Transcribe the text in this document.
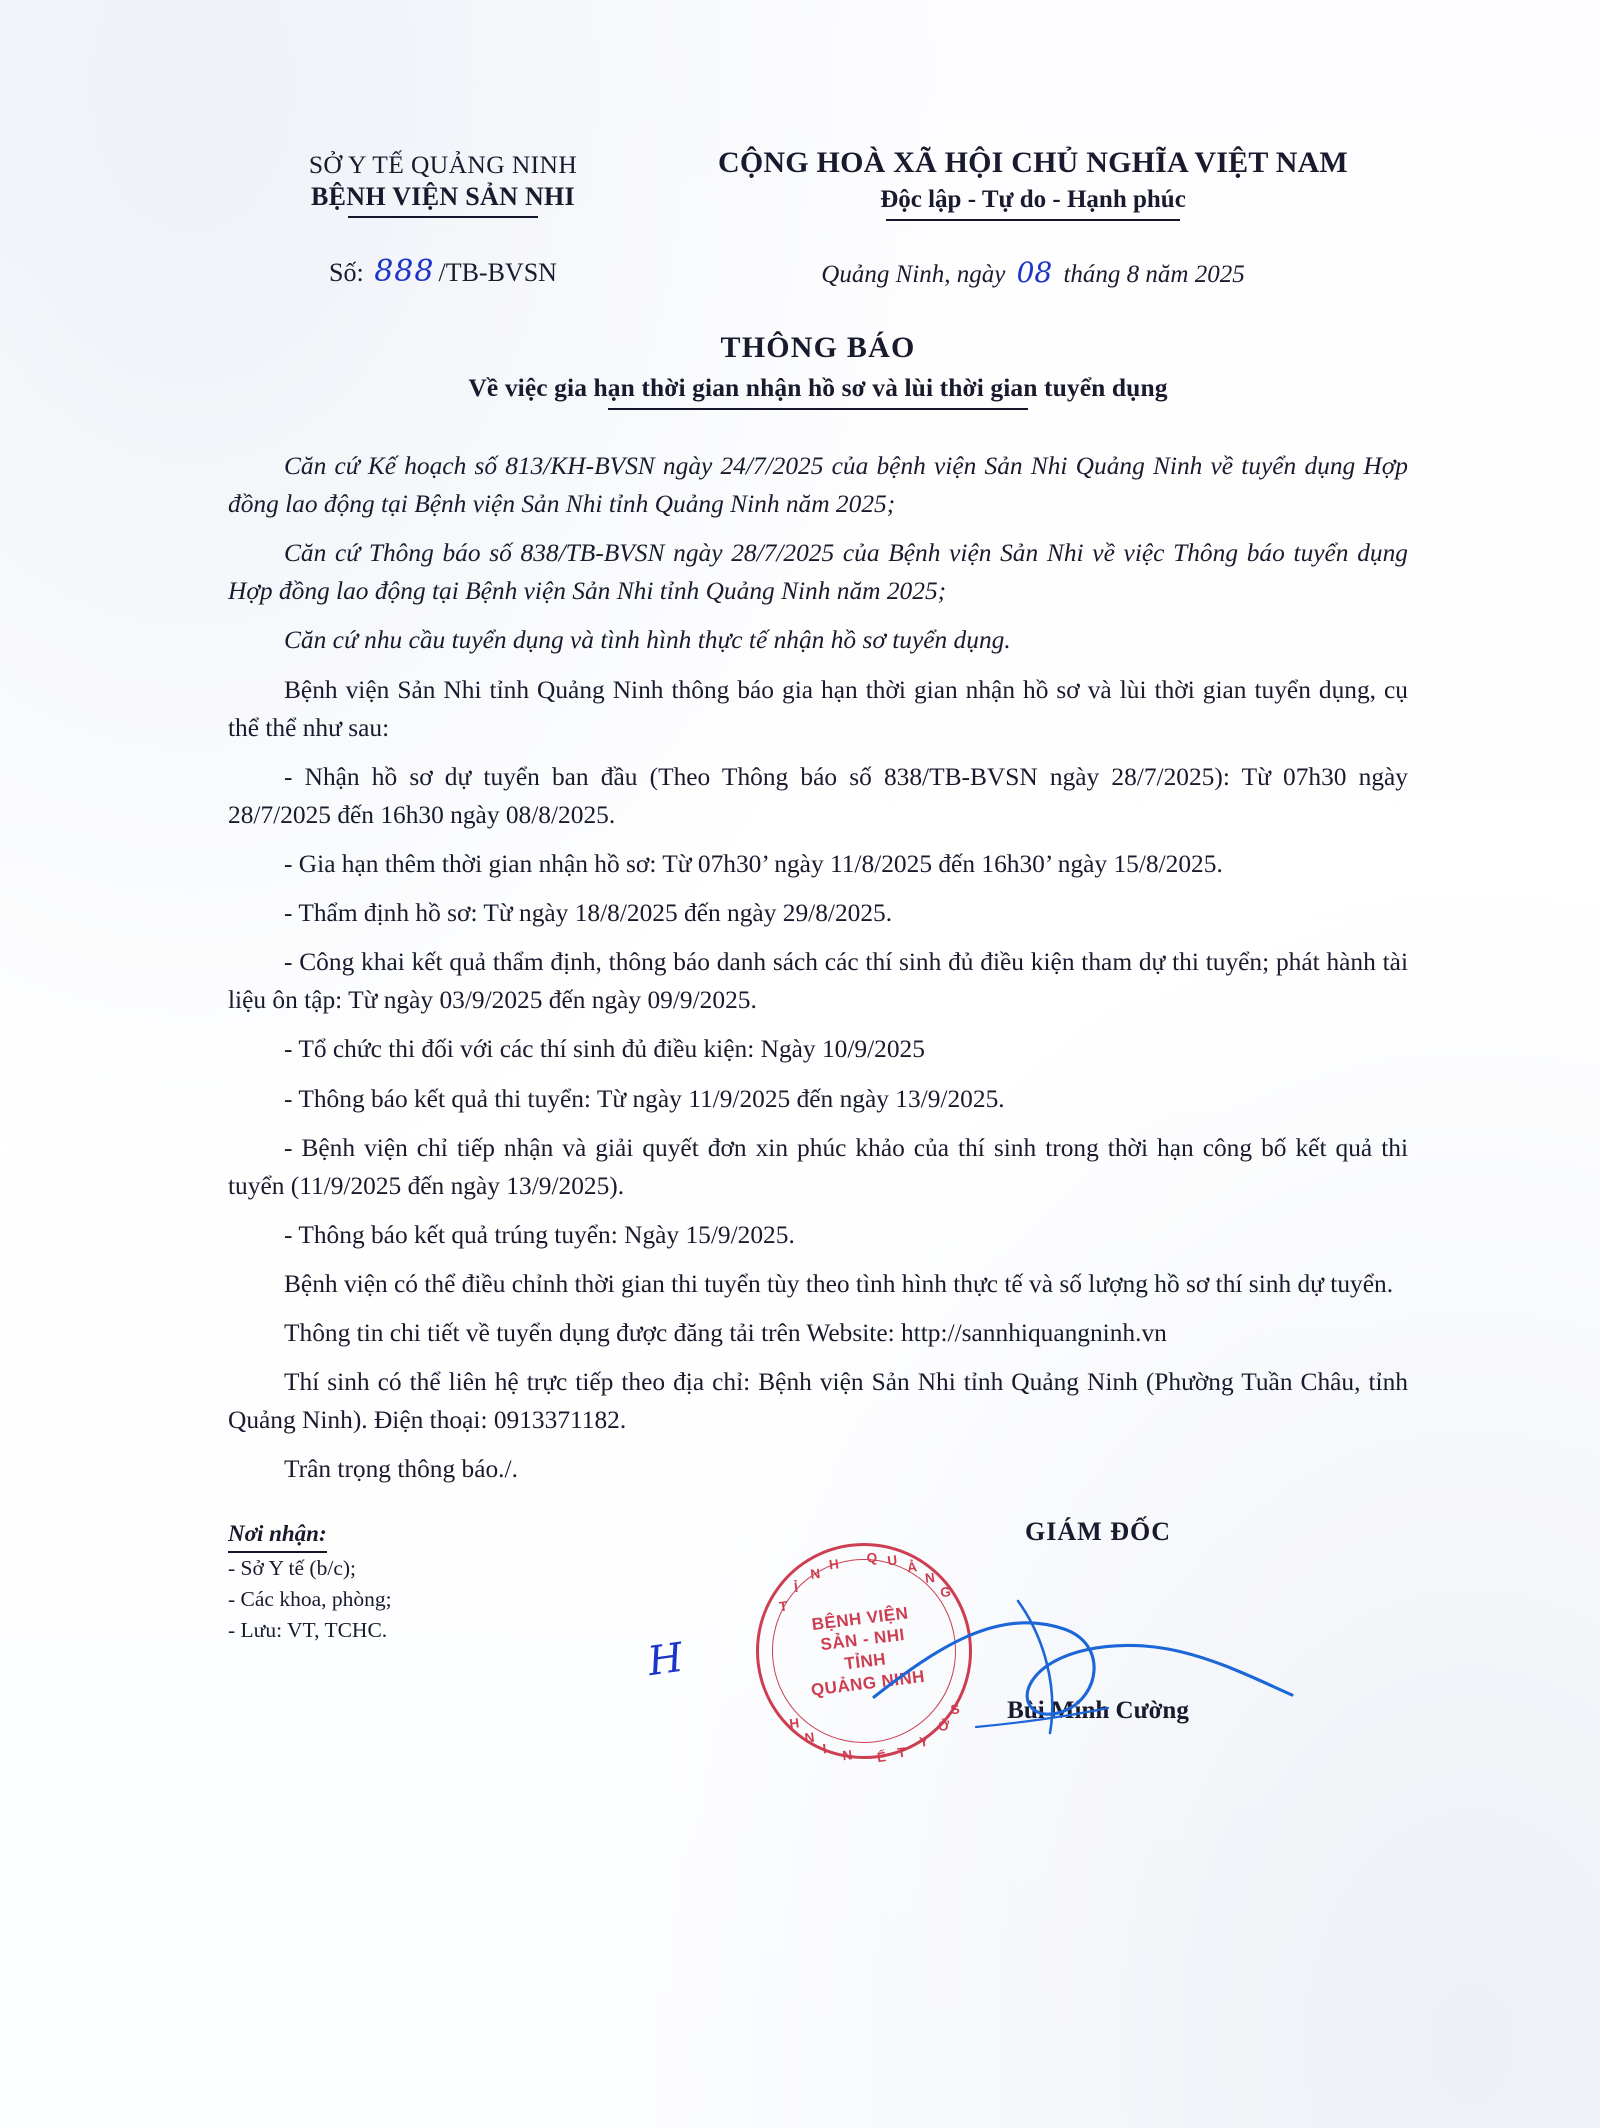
SỞ Y TẾ QUẢNG NINH
BỆNH VIỆN SẢN NHI
CỘNG HOÀ XÃ HỘI CHỦ NGHĨA VIỆT NAM
Độc lập - Tự do - Hạnh phúc
Số: 888 /TB-BVSN	Quảng Ninh, ngày 08 tháng 8 năm 2025
THÔNG BÁO
Về việc gia hạn thời gian nhận hồ sơ và lùi thời gian tuyển dụng

Căn cứ Kế hoạch số 813/KH-BVSN ngày 24/7/2025 của bệnh viện Sản Nhi Quảng Ninh về tuyển dụng Hợp đồng lao động tại Bệnh viện Sản Nhi tỉnh Quảng Ninh năm 2025;

Căn cứ Thông báo số 838/TB-BVSN ngày 28/7/2025 của Bệnh viện Sản Nhi về việc Thông báo tuyển dụng Hợp đồng lao động tại Bệnh viện Sản Nhi tỉnh Quảng Ninh năm 2025;

Căn cứ nhu cầu tuyển dụng và tình hình thực tế nhận hồ sơ tuyển dụng.

Bệnh viện Sản Nhi tỉnh Quảng Ninh thông báo gia hạn thời gian nhận hồ sơ và lùi thời gian tuyển dụng, cụ thể thể như sau:

- Nhận hồ sơ dự tuyển ban đầu (Theo Thông báo số 838/TB-BVSN ngày 28/7/2025): Từ 07h30 ngày 28/7/2025 đến 16h30 ngày 08/8/2025.

- Gia hạn thêm thời gian nhận hồ sơ: Từ 07h30’ ngày 11/8/2025 đến 16h30’ ngày 15/8/2025.

- Thẩm định hồ sơ: Từ ngày 18/8/2025 đến ngày 29/8/2025.

- Công khai kết quả thẩm định, thông báo danh sách các thí sinh đủ điều kiện tham dự thi tuyển; phát hành tài liệu ôn tập: Từ ngày 03/9/2025 đến ngày 09/9/2025.

- Tổ chức thi đối với các thí sinh đủ điều kiện: Ngày 10/9/2025

- Thông báo kết quả thi tuyển: Từ ngày 11/9/2025 đến ngày 13/9/2025.

- Bệnh viện chỉ tiếp nhận và giải quyết đơn xin phúc khảo của thí sinh trong thời hạn công bố kết quả thi tuyển (11/9/2025 đến ngày 13/9/2025).

- Thông báo kết quả trúng tuyển: Ngày 15/9/2025.

Bệnh viện có thể điều chỉnh thời gian thi tuyển tùy theo tình hình thực tế và số lượng hồ sơ thí sinh dự tuyển.

Thông tin chi tiết về tuyển dụng được đăng tải trên Website: http://sannhiquangninh.vn

Thí sinh có thể liên hệ trực tiếp theo địa chỉ: Bệnh viện Sản Nhi tỉnh Quảng Ninh (Phường Tuần Châu, tỉnh Quảng Ninh). Điện thoại: 0913371182.

Trân trọng thông báo./.

Nơi nhận:
- Sở Y tế (b/c);
- Các khoa, phòng;
- Lưu: VT, TCHC.
GIÁM ĐỐC
T
Ỉ
N
H Q U Ả
N
G
S
Ở
Y
T
Ế
N
I
N
H
BỆNH VIỆN
SẢN - NHI
TỈNH
QUẢNG NINH
Bùi Minh Cường
H
